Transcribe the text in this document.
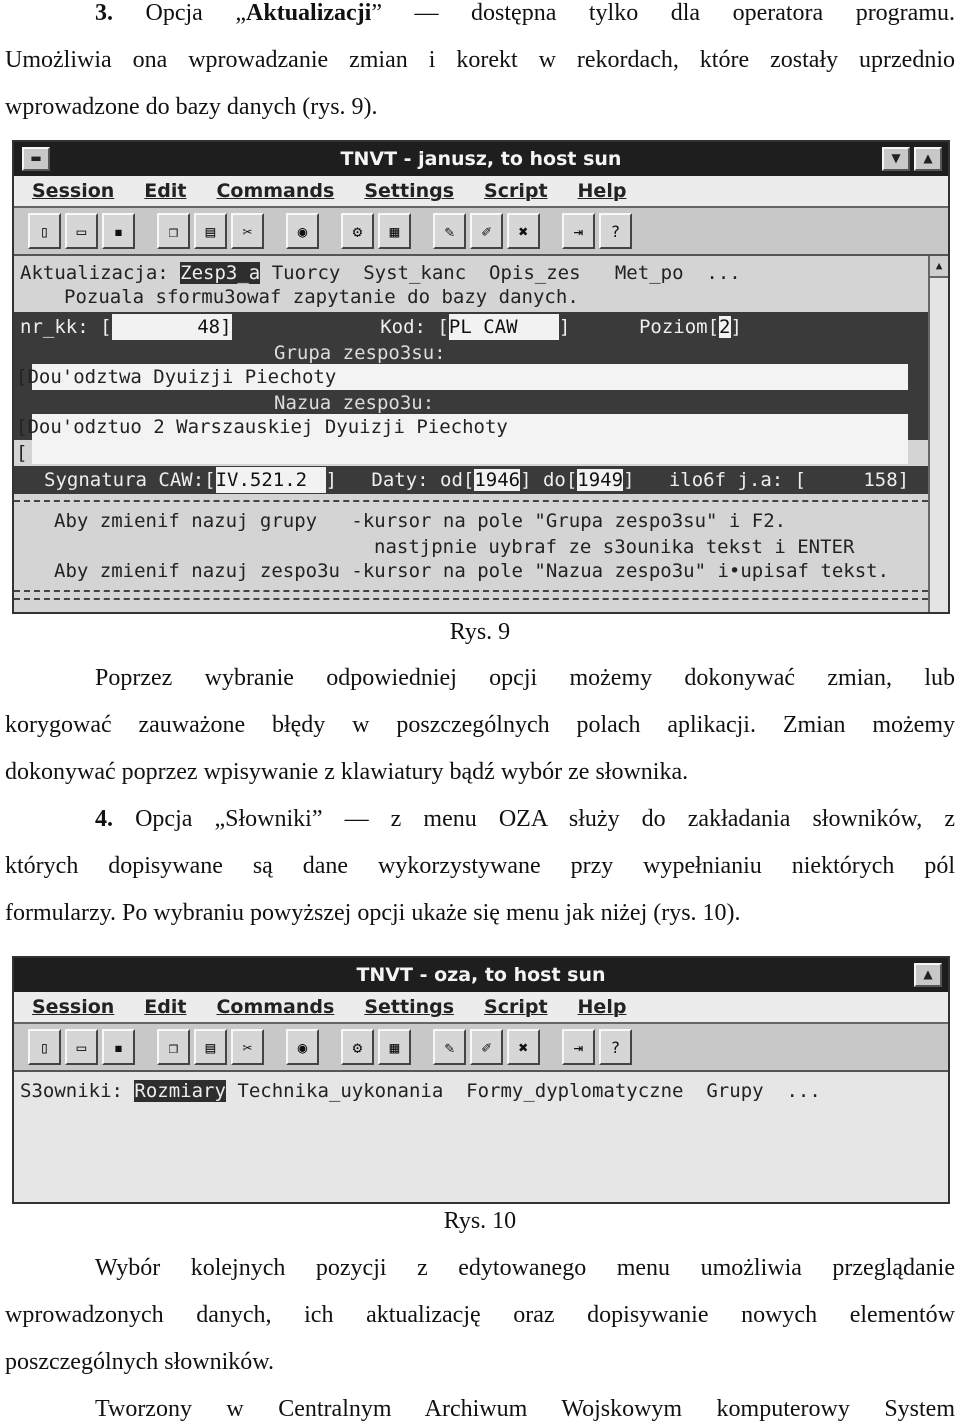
3. Opcja „Aktualizacji” — dostępna tylko dla operatora programu.
Umożliwia ona wprowadzanie zmian i korekt w rekordach, które zostały uprzednio
wprowadzone do bazy danych (rys. 9).
▬	TNVT - janusz, to host sun	▼	▲
Session Edit Commands Settings Script Help
▯	▭	▪	❐	▤	✂	◉	⚙	▦	✎	✐	✖	⇥	?
▲
Aktualizacja: Zesp3_a Tuorcy  Syst_kanc  Opis_zes   Met_po  ...
Pozuala sformu3owaf zapytanie do bazy danych.
nr_kk: [	48]	Kod: [PL CAW ]	Poziom[2]
Grupa zespo3su:
[Dou'odztwa Dyuizji Piechoty
Nazua zespo3u:
[Dou'odztuo 2 Warszauskiej Dyuizji Piechoty
[
Sygnatura CAW:[IV.521.2 ] Daty: od[1946] do[1949] ilo6f j.a: [	158]
Aby zmienif nazuj grupy   -kursor na pole "Grupa zespo3su" i F2.
nastjpnie uybraf ze s3ounika tekst i ENTER
Aby zmienif nazuj zespo3u -kursor na pole "Nazua zespo3u" i•upisaf tekst.
Rys. 9
Poprzez wybranie odpowiedniej opcji możemy dokonywać zmian, lub
korygować zauważone błędy w poszczególnych polach aplikacji. Zmian możemy
dokonywać poprzez wpisywanie z klawiatury bądź wybór ze słownika.
4. Opcja „Słowniki” — z menu OZA służy do zakładania słowników, z
których dopisywane są dane wykorzystywane przy wypełnianiu niektórych pól
formularzy. Po wybraniu powyższej opcji ukaże się menu jak niżej (rys. 10).
TNVT - oza, to host sun	▲
Session Edit Commands Settings Script Help
▯	▭	▪	❐	▤	✂	◉	⚙	▦	✎	✐	✖	⇥	?
S3owniki: Rozmiary Technika_uykonania  Formy_dyplomatyczne  Grupy  ...
Rys. 10
Wybór kolejnych pozycji z edytowanego menu umożliwia przeglądanie
wprowadzonych danych, ich aktualizację oraz dopisywanie nowych elementów
poszczególnych słowników.
Tworzony w Centralnym Archiwum Wojskowym komputerowy System
